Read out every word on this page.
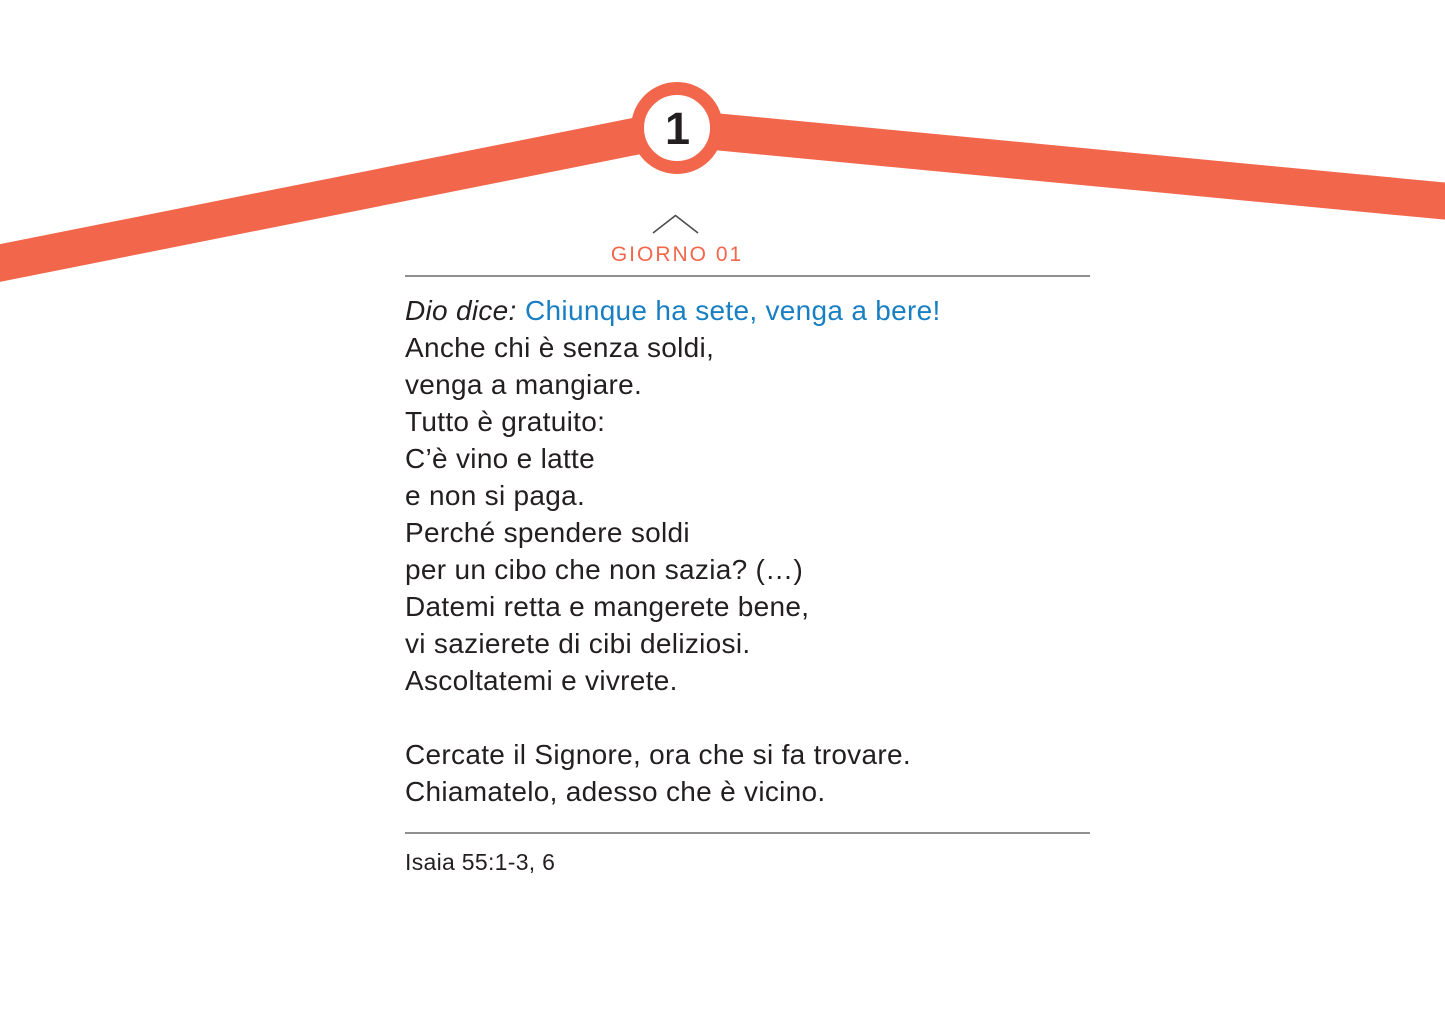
1
GIORNO 01
Dio dice: Chiunque ha sete, venga a bere!
Anche chi è senza soldi,
venga a mangiare.
Tutto è gratuito:
C’è vino e latte
e non si paga.
Perché spendere soldi
per un cibo che non sazia? (…)
Datemi retta e mangerete bene,
vi sazierete di cibi deliziosi.
Ascoltatemi e vivrete.
Cercate il Signore, ora che si fa trovare.
Chiamatelo, adesso che è vicino.
Isaia 55:1-3, 6
